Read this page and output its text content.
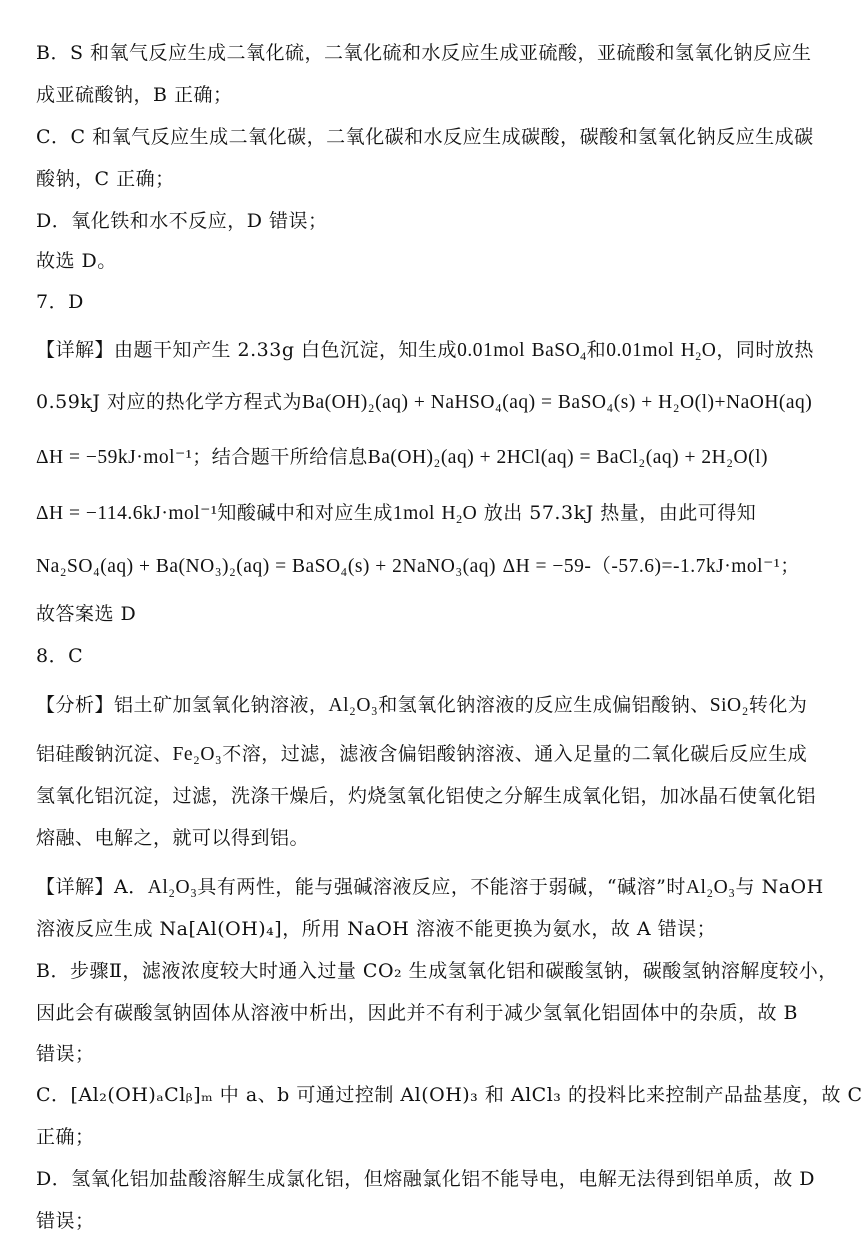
B．S 和氧气反应生成二氧化硫，二氧化硫和水反应生成亚硫酸，亚硫酸和氢氧化钠反应生
成亚硫酸钠，B 正确；
C．C 和氧气反应生成二氧化碳，二氧化碳和水反应生成碳酸，碳酸和氢氧化钠反应生成碳
酸钠，C 正确；
D．氧化铁和水不反应，D 错误；
故选 D。
7．D
【详解】由题干知产生 2.33g 白色沉淀，知生成0.01mol BaSO$_4$和0.01mol $H_2O$，同时放热
0.59kJ 对应的热化学方程式为Ba(OH)₂(aq) + NaHSO₄(aq) = BaSO₄(s) + H₂O(l)+NaOH(aq)
ΔH = −59kJ·mol⁻¹；结合题干所给信息Ba(OH)₂(aq) + 2HCl(aq) = BaCl₂(aq) + 2H₂O(l)
ΔH = −114.6kJ·mol⁻¹知酸碱中和对应生成1mol $H_2O$ 放出 57.3kJ 热量，由此可得知
Na₂SO₄(aq) + Ba(NO₃)₂(aq) = BaSO₄(s) + 2NaNO₃(aq) ΔH = −59-（-57.6)=-1.7kJ·mol⁻¹；
故答案选 D
8．C
【分析】铝土矿加氢氧化钠溶液，Al₂O₃和氢氧化钠溶液的反应生成偏铝酸钠、SiO₂转化为
铝硅酸钠沉淀、Fe₂O₃不溶，过滤，滤液含偏铝酸钠溶液、通入足量的二氧化碳后反应生成
氢氧化铝沉淀，过滤，洗涤干燥后，灼烧氢氧化铝使之分解生成氧化铝，加冰晶石使氧化铝
熔融、电解之，就可以得到铝。
【详解】A．Al₂O₃具有两性，能与强碱溶液反应，不能溶于弱碱，“碱溶”时Al₂O₃与 NaOH
溶液反应生成 Na[Al(OH)₄]，所用 NaOH 溶液不能更换为氨水，故 A 错误；
B．步骤Ⅱ，滤液浓度较大时通入过量 CO₂ 生成氢氧化铝和碳酸氢钠，碳酸氢钠溶解度较小，
因此会有碳酸氢钠固体从溶液中析出，因此并不有利于减少氢氧化铝固体中的杂质，故 B
错误；
C．[Al₂(OH)ₐClᵦ]ₘ 中 a、b 可通过控制 Al(OH)₃ 和 AlCl₃ 的投料比来控制产品盐基度，故 C
正确；
D．氢氧化铝加盐酸溶解生成氯化铝，但熔融氯化铝不能导电，电解无法得到铝单质，故 D
错误；
